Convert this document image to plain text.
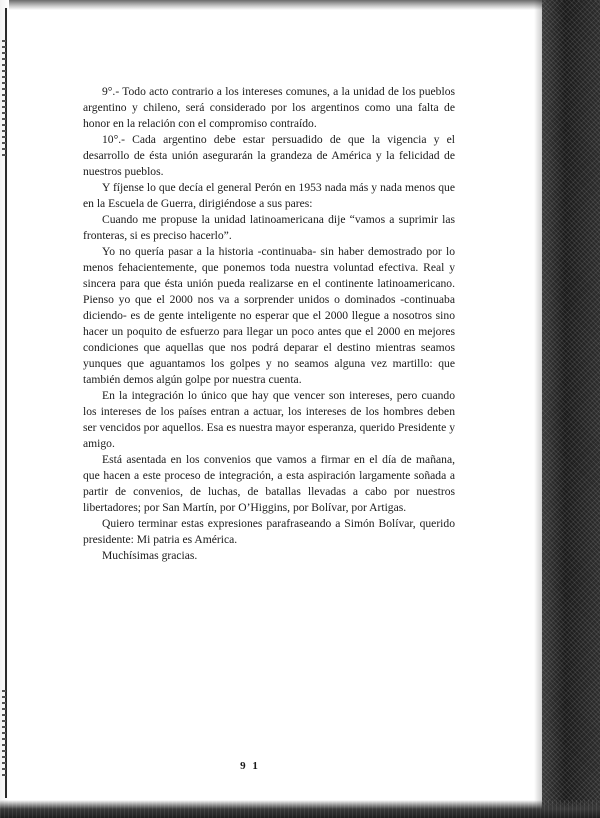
9°.- Todo acto contrario a los intereses comunes, a la unidad de los pueblos argentino y chileno, será considerado por los argentinos como una falta de honor en la relación con el compromiso contraído.

10°.- Cada argentino debe estar persuadido de que la vigencia y el desarrollo de ésta unión asegurarán la grandeza de América y la felicidad de nuestros pueblos.

Y fíjense lo que decía el general Perón en 1953 nada más y nada menos que en la Escuela de Guerra, dirigiéndose a sus pares:

Cuando me propuse la unidad latinoamericana dije “vamos a suprimir las fronteras, si es preciso hacerlo”.

Yo no quería pasar a la historia -continuaba- sin haber demostrado por lo menos fehacientemente, que ponemos toda nuestra voluntad efectiva. Real y sincera para que ésta unión pueda realizarse en el continente latinoamericano. Pienso yo que el 2000 nos va a sorprender unidos o dominados -continuaba diciendo- es de gente inteligente no esperar que el 2000 llegue a nosotros sino hacer un poquito de esfuerzo para llegar un poco antes que el 2000 en mejores condiciones que aquellas que nos podrá deparar el destino mientras seamos yunques que aguantamos los golpes y no seamos alguna vez martillo: que también demos algún golpe por nuestra cuenta.

En la integración lo único que hay que vencer son intereses, pero cuando los intereses de los países entran a actuar, los intereses de los hombres deben ser vencidos por aquellos. Esa es nuestra mayor esperanza, querido Presidente y amigo.

Está asentada en los convenios que vamos a firmar en el día de mañana, que hacen a este proceso de integración, a esta aspiración largamente soñada a partir de convenios, de luchas, de batallas llevadas a cabo por nuestros libertadores; por San Martín, por O’Higgins, por Bolívar, por Artigas.

Quiero terminar estas expresiones parafraseando a Simón Bolívar, querido presidente: Mi patria es América.

Muchísimas gracias.

9 1
